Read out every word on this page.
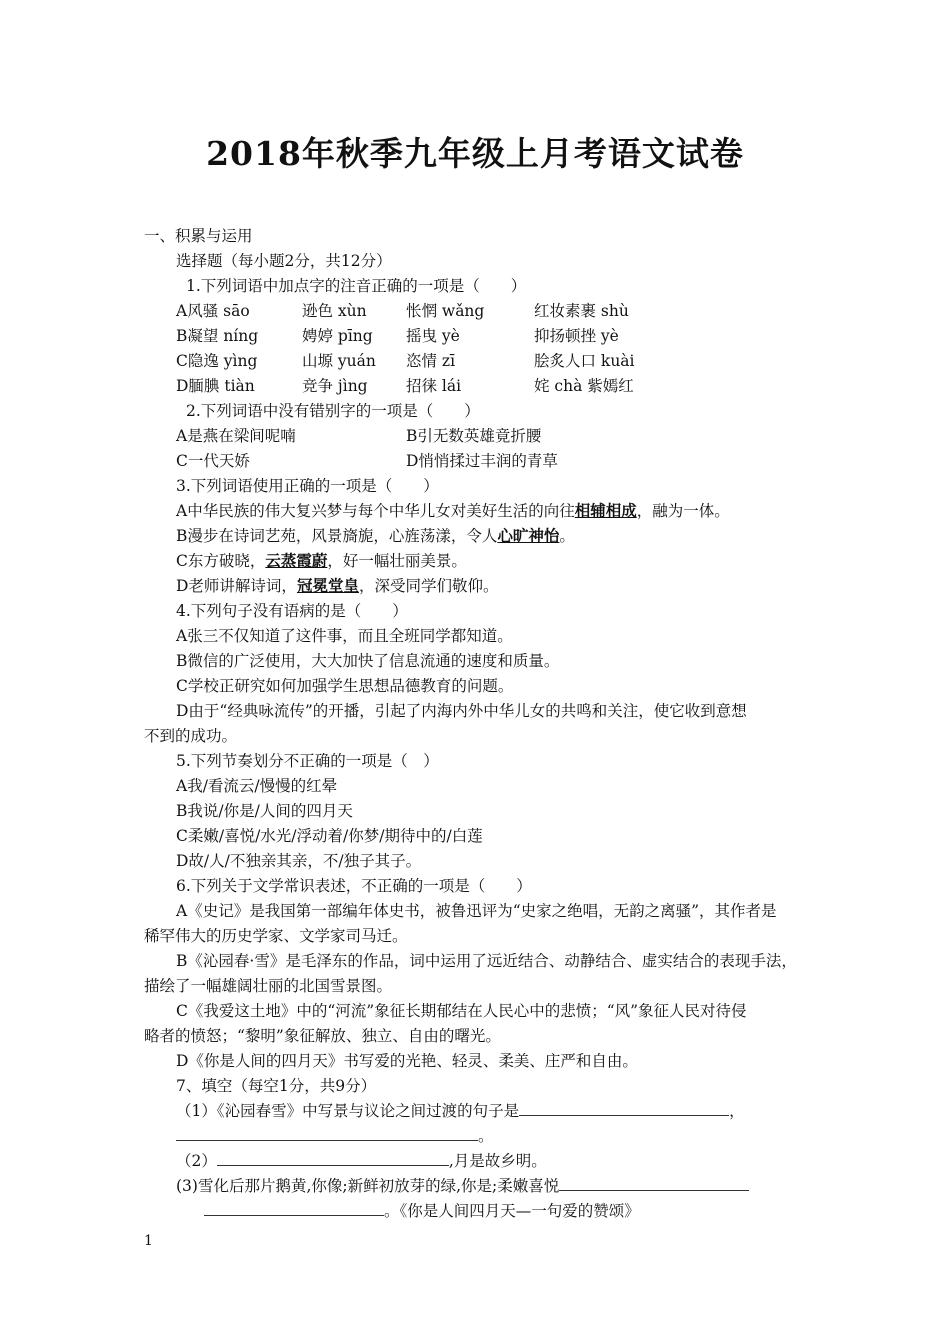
2018年秋季九年级上月考语文试卷
一、积累与运用
选择题（每小题2分，共12分）
1.下列词语中加点字的注音正确的一项是（　　）
A风骚 sāo	逊色 xùn	怅惘 wǎng	红妆素裹 shù
B凝望 níng	娉婷 pīng 摇曳 yè	抑扬顿挫 yè
C隐逸 yìng	山塬 yuán 恣情 zī	脍炙人口 kuài
D腼腆 tiàn	竞争 jìng 招徕 lái	姹 chà 紫嫣红
2.下列词语中没有错别字的一项是（　　）
A是燕在梁间呢喃	B引无数英雄竟折腰
C一代天娇	D悄悄揉过丰润的青草
3.下列词语使用正确的一项是（　　）
A中华民族的伟大复兴梦与每个中华儿女对美好生活的向往相辅相成，融为一体。
B漫步在诗词艺苑，风景旖旎，心旌荡漾，令人心旷神怡。
C东方破晓，云蒸霞蔚，好一幅壮丽美景。
D老师讲解诗词，冠冕堂皇，深受同学们敬仰。
4.下列句子没有语病的是（　　）
A张三不仅知道了这件事，而且全班同学都知道。
B微信的广泛使用，大大加快了信息流通的速度和质量。
C学校正研究如何加强学生思想品德教育的问题。
D由于“经典咏流传”的开播，引起了内海内外中华儿女的共鸣和关注，使它收到意想
不到的成功。
5.下列节奏划分不正确的一项是（　）
A我/看流云/慢慢的红晕
B我说/你是/人间的四月天
C柔嫩/喜悦/水光/浮动着/你梦/期待中的/白莲
D故/人/不独亲其亲，不/独子其子。
6.下列关于文学常识表述，不正确的一项是（　　）
A《史记》是我国第一部编年体史书，被鲁迅评为“史家之绝唱，无韵之离骚”，其作者是
稀罕伟大的历史学家、文学家司马迁。
B《沁园春·雪》是毛泽东的作品，词中运用了远近结合、动静结合、虚实结合的表现手法，
描绘了一幅雄阔壮丽的北国雪景图。
C《我爱这土地》中的“河流”象征长期郁结在人民心中的悲愤；“风”象征人民对待侵
略者的愤怒；“黎明”象征解放、独立、自由的曙光。
D《你是人间的四月天》书写爱的光艳、轻灵、柔美、庄严和自由。
7、填空（每空1分，共9分）
（1）《沁园春雪》中写景与议论之间过渡的句子是	，
。
（2）	,月是故乡明。
(3)雪化后那片鹅黄,你像;新鲜初放芽的绿,你是;柔嫩喜悦
。《你是人间四月天—一句爱的赞颂》
1
